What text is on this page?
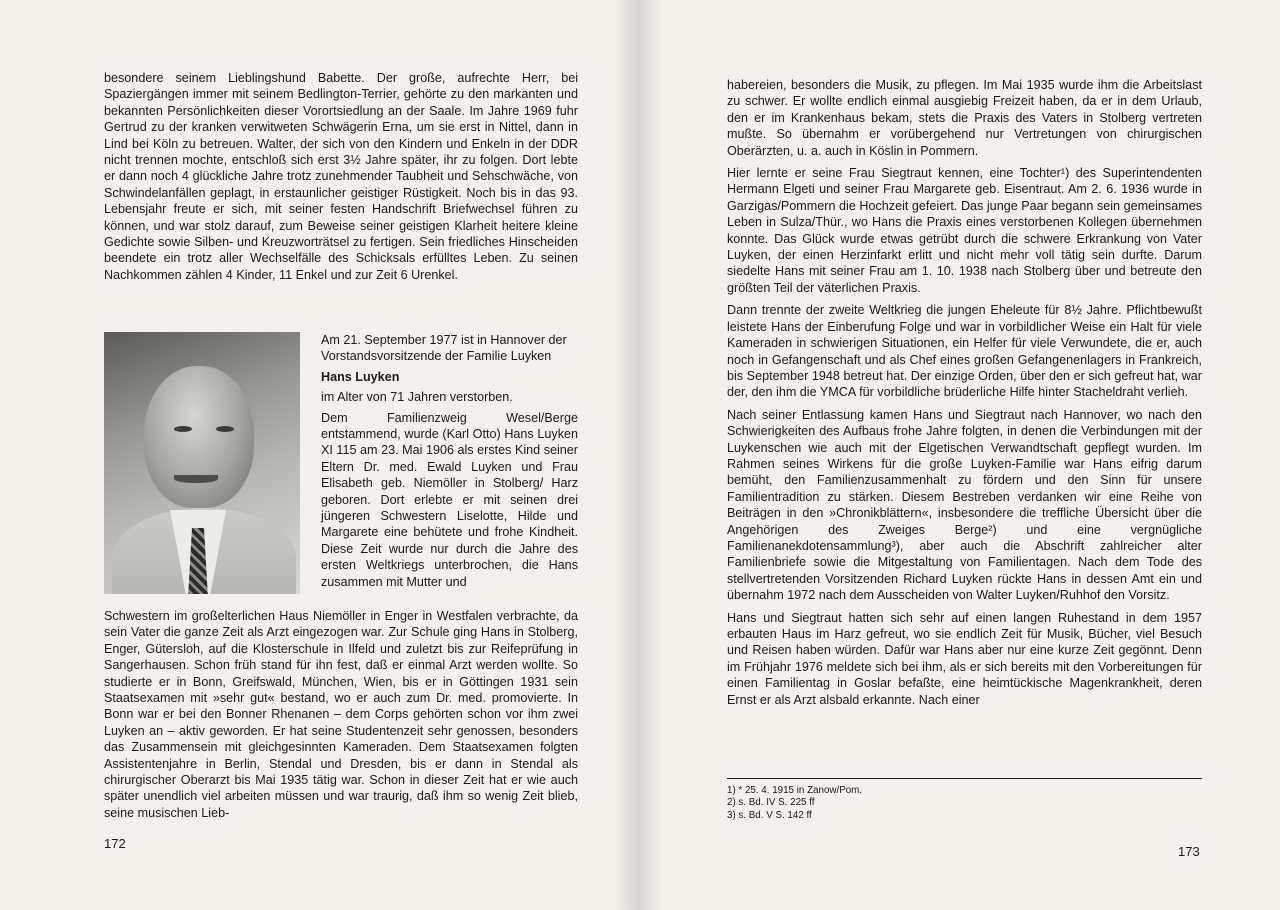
besondere seinem Lieblingshund Babette. Der große, aufrechte Herr, bei Spaziergängen immer mit seinem Bedlington-Terrier, gehörte zu den markanten und bekannten Persönlichkeiten dieser Vorortsiedlung an der Saale. Im Jahre 1969 fuhr Gertrud zu der kranken verwitweten Schwägerin Erna, um sie erst in Nittel, dann in Lind bei Köln zu betreuen. Walter, der sich von den Kindern und Enkeln in der DDR nicht trennen mochte, entschloß sich erst 3½ Jahre später, ihr zu folgen. Dort lebte er dann noch 4 glückliche Jahre trotz zunehmender Taubheit und Sehschwäche, von Schwindelanfällen geplagt, in erstaunlicher geistiger Rüstigkeit. Noch bis in das 93. Lebensjahr freute er sich, mit seiner festen Handschrift Briefwechsel führen zu können, und war stolz darauf, zum Beweise seiner geistigen Klarheit heitere kleine Gedichte sowie Silben- und Kreuzworträtsel zu fertigen. Sein friedliches Hinscheiden beendete ein trotz aller Wechselfälle des Schicksals erfülltes Leben. Zu seinen Nachkommen zählen 4 Kinder, 11 Enkel und zur Zeit 6 Urenkel.

Am 21. September 1977 ist in Hannover der Vorstandsvorsitzende der Familie Luyken

Hans Luyken

im Alter von 71 Jahren verstorben.

Dem Familienzweig Wesel/Berge entstammend, wurde (Karl Otto) Hans Luyken XI 115 am 23. Mai 1906 als erstes Kind seiner Eltern Dr. med. Ewald Luyken und Frau Elisabeth geb. Niemöller in Stolberg/ Harz geboren. Dort erlebte er mit seinen drei jüngeren Schwestern Liselotte, Hilde und Margarete eine behütete und frohe Kindheit. Diese Zeit wurde nur durch die Jahre des ersten Weltkriegs unterbrochen, die Hans zusammen mit Mutter und

Schwestern im großelterlichen Haus Niemöller in Enger in Westfalen verbrachte, da sein Vater die ganze Zeit als Arzt eingezogen war. Zur Schule ging Hans in Stolberg, Enger, Gütersloh, auf die Klosterschule in Ilfeld und zuletzt bis zur Reifeprüfung in Sangerhausen. Schon früh stand für ihn fest, daß er einmal Arzt werden wollte. So studierte er in Bonn, Greifswald, München, Wien, bis er in Göttingen 1931 sein Staatsexamen mit »sehr gut« bestand, wo er auch zum Dr. med. promovierte. In Bonn war er bei den Bonner Rhenanen – dem Corps gehörten schon vor ihm zwei Luyken an – aktiv geworden. Er hat seine Studentenzeit sehr genossen, besonders das Zusammensein mit gleichgesinnten Kameraden. Dem Staatsexamen folgten Assistentenjahre in Berlin, Stendal und Dresden, bis er dann in Stendal als chirurgischer Oberarzt bis Mai 1935 tätig war. Schon in dieser Zeit hat er wie auch später unendlich viel arbeiten müssen und war traurig, daß ihm so wenig Zeit blieb, seine musischen Lieb-

172

habereien, besonders die Musik, zu pflegen. Im Mai 1935 wurde ihm die Arbeitslast zu schwer. Er wollte endlich einmal ausgiebig Freizeit haben, da er in dem Urlaub, den er im Krankenhaus bekam, stets die Praxis des Vaters in Stolberg vertreten mußte. So übernahm er vorübergehend nur Vertretungen von chirurgischen Oberärzten, u. a. auch in Köslin in Pommern.

Hier lernte er seine Frau Siegtraut kennen, eine Tochter¹) des Superintendenten Hermann Elgeti und seiner Frau Margarete geb. Eisentraut. Am 2. 6. 1936 wurde in Garzigas/Pommern die Hochzeit gefeiert. Das junge Paar begann sein gemeinsames Leben in Sulza/Thür., wo Hans die Praxis eines verstorbenen Kollegen übernehmen konnte. Das Glück wurde etwas getrübt durch die schwere Erkrankung von Vater Luyken, der einen Herzinfarkt erlitt und nicht mehr voll tätig sein durfte. Darum siedelte Hans mit seiner Frau am 1. 10. 1938 nach Stolberg über und betreute den größten Teil der väterlichen Praxis.

Dann trennte der zweite Weltkrieg die jungen Eheleute für 8½ Jahre. Pflichtbewußt leistete Hans der Einberufung Folge und war in vorbildlicher Weise ein Halt für viele Kameraden in schwierigen Situationen, ein Helfer für viele Verwundete, die er, auch noch in Gefangenschaft und als Chef eines großen Gefangenenlagers in Frankreich, bis September 1948 betreut hat. Der einzige Orden, über den er sich gefreut hat, war der, den ihm die YMCA für vorbildliche brüderliche Hilfe hinter Stacheldraht verlieh.

Nach seiner Entlassung kamen Hans und Siegtraut nach Hannover, wo nach den Schwierigkeiten des Aufbaus frohe Jahre folgten, in denen die Verbindungen mit der Luykenschen wie auch mit der Elgetischen Verwandtschaft gepflegt wurden. Im Rahmen seines Wirkens für die große Luyken-Familie war Hans eifrig darum bemüht, den Familienzusammenhalt zu fördern und den Sinn für unsere Familientradition zu stärken. Diesem Bestreben verdanken wir eine Reihe von Beiträgen in den »Chronikblättern«, insbesondere die treffliche Übersicht über die Angehörigen des Zweiges Berge²) und eine vergnügliche Familienanekdotensammlung³), aber auch die Abschrift zahlreicher alter Familienbriefe sowie die Mitgestaltung von Familientagen. Nach dem Tode des stellvertretenden Vorsitzenden Richard Luyken rückte Hans in dessen Amt ein und übernahm 1972 nach dem Ausscheiden von Walter Luyken/Ruhhof den Vorsitz.

Hans und Siegtraut hatten sich sehr auf einen langen Ruhestand in dem 1957 erbauten Haus im Harz gefreut, wo sie endlich Zeit für Musik, Bücher, viel Besuch und Reisen haben würden. Dafür war Hans aber nur eine kurze Zeit gegönnt. Denn im Frühjahr 1976 meldete sich bei ihm, als er sich bereits mit den Vorbereitungen für einen Familientag in Goslar befaßte, eine heimtückische Magenkrankheit, deren Ernst er als Arzt alsbald erkannte. Nach einer

1) * 25. 4. 1915 in Zanow/Pom.
2) s. Bd. IV S. 225 ff
3) s. Bd. V S. 142 ff
173
